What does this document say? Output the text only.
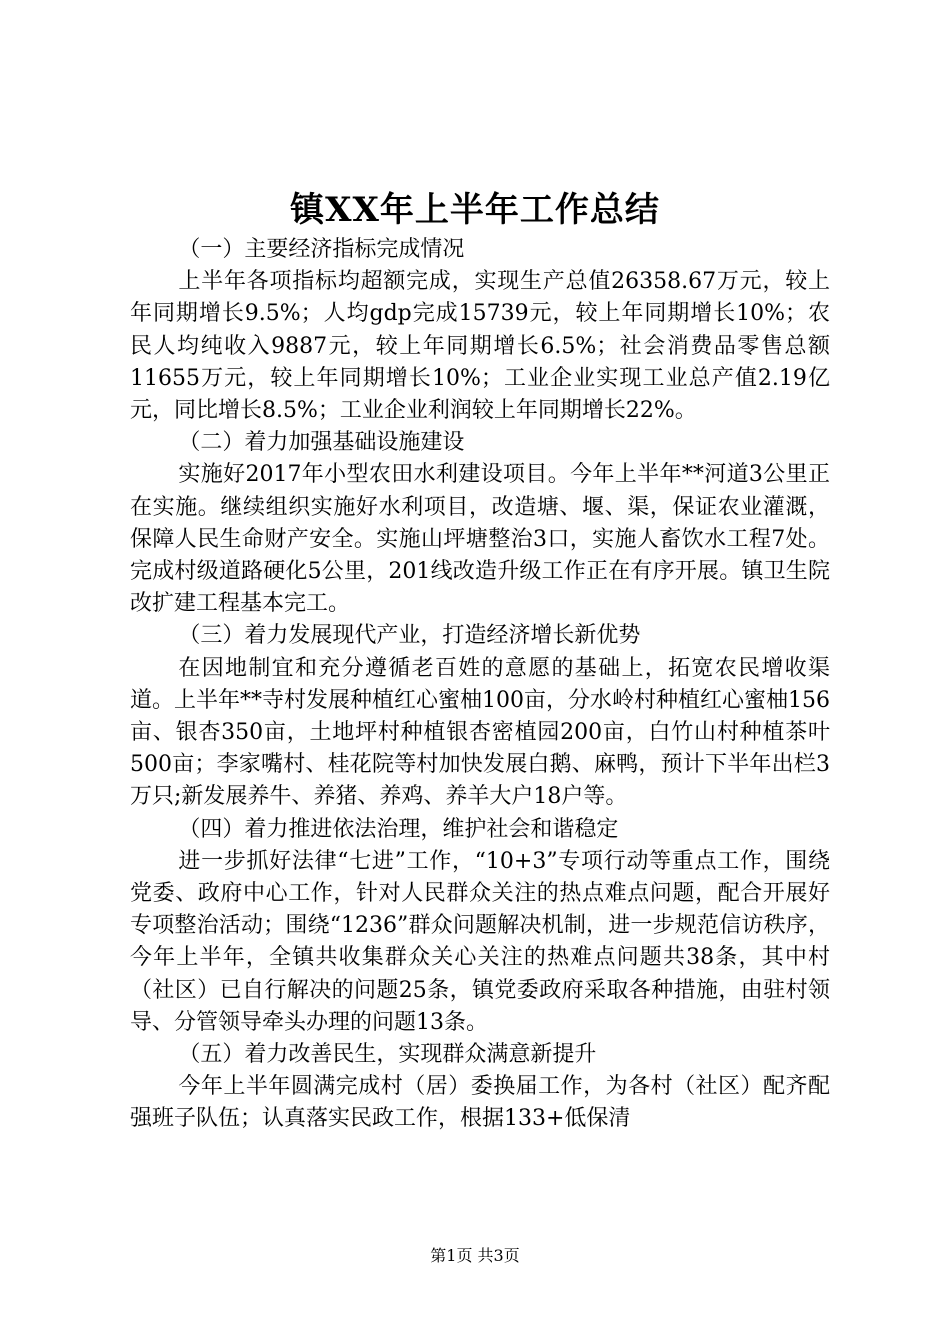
镇XX年上半年工作总结

（一）主要经济指标完成情况

上半年各项指标均超额完成，实现生产总值26358.67万元，较上年同期增长9.5%；人均gdp完成15739元，较上年同期增长10%；农民人均纯收入9887元，较上年同期增长6.5%；社会消费品零售总额11655万元，较上年同期增长10%；工业企业实现工业总产值2.19亿元，同比增长8.5%；工业企业利润较上年同期增长22%。

（二）着力加强基础设施建设

实施好2017年小型农田水利建设项目。今年上半年**河道3公里正在实施。继续组织实施好水利项目，改造塘、堰、渠，保证农业灌溉，保障人民生命财产安全。实施山坪塘整治3口，实施人畜饮水工程7处。完成村级道路硬化5公里，201线改造升级工作正在有序开展。镇卫生院改扩建工程基本完工。

（三）着力发展现代产业，打造经济增长新优势

在因地制宜和充分遵循老百姓的意愿的基础上，拓宽农民增收渠道。上半年**寺村发展种植红心蜜柚100亩，分水岭村种植红心蜜柚156亩、银杏350亩，土地坪村种植银杏密植园200亩，白竹山村种植茶叶500亩；李家嘴村、桂花院等村加快发展白鹅、麻鸭，预计下半年出栏3万只;新发展养牛、养猪、养鸡、养羊大户18户等。

（四）着力推进依法治理，维护社会和谐稳定

进一步抓好法律“七进”工作，“10+3”专项行动等重点工作，围绕党委、政府中心工作，针对人民群众关注的热点难点问题，配合开展好专项整治活动；围绕“1236”群众问题解决机制，进一步规范信访秩序，今年上半年，全镇共收集群众关心关注的热难点问题共38条，其中村（社区）已自行解决的问题25条，镇党委政府采取各种措施，由驻村领导、分管领导牵头办理的问题13条。

（五）着力改善民生，实现群众满意新提升

今年上半年圆满完成村（居）委换届工作，为各村（社区）配齐配强班子队伍；认真落实民政工作，根据133+低保清

第1页 共3页
